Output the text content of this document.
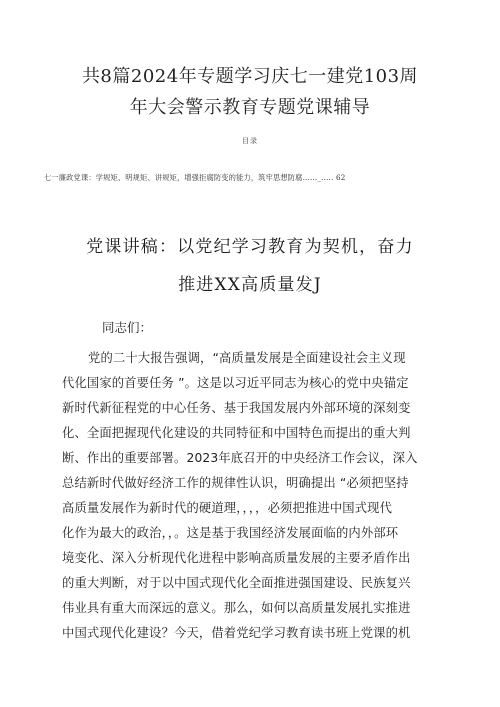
共8篇2024年专题学习庆七一建党103周
年大会警示教育专题党课辅导
目录
七一廉政党课：学规矩、明规矩、讲规矩，增强拒腐防变的能力，筑牢思想防腐……_.…. 62
党课讲稿：以党纪学习教育为契机，奋力
推进XX高质量发J
同志们：
党的二十大报告强调，“高质量发展是全面建设社会主义现
代化国家的首要任务 ”。这是以习近平同志为核心的党中央锚定
新时代新征程党的中心任务、基于我国发展内外部环境的深刻变
化、全面把握现代化建设的共同特征和中国特色而提出的重大判
断、作出的重要部署。2023年底召开的中央经济工作会议，深入
总结新时代做好经济工作的规律性认识，明确提出 “必须把坚持
高质量发展作为新时代的硬道理，，，，必须把推进中国式现代
化作为最大的政治，，。这是基于我国经济发展面临的内外部环
境变化、深入分析现代化进程中影响高质量发展的主要矛盾作出
的重大判断，对于以中国式现代化全面推进强国建设、民族复兴
伟业具有重大而深远的意义。那么，如何以高质量发展扎实推进
中国式现代化建设？今天，借着党纪学习教育读书班上党课的机
